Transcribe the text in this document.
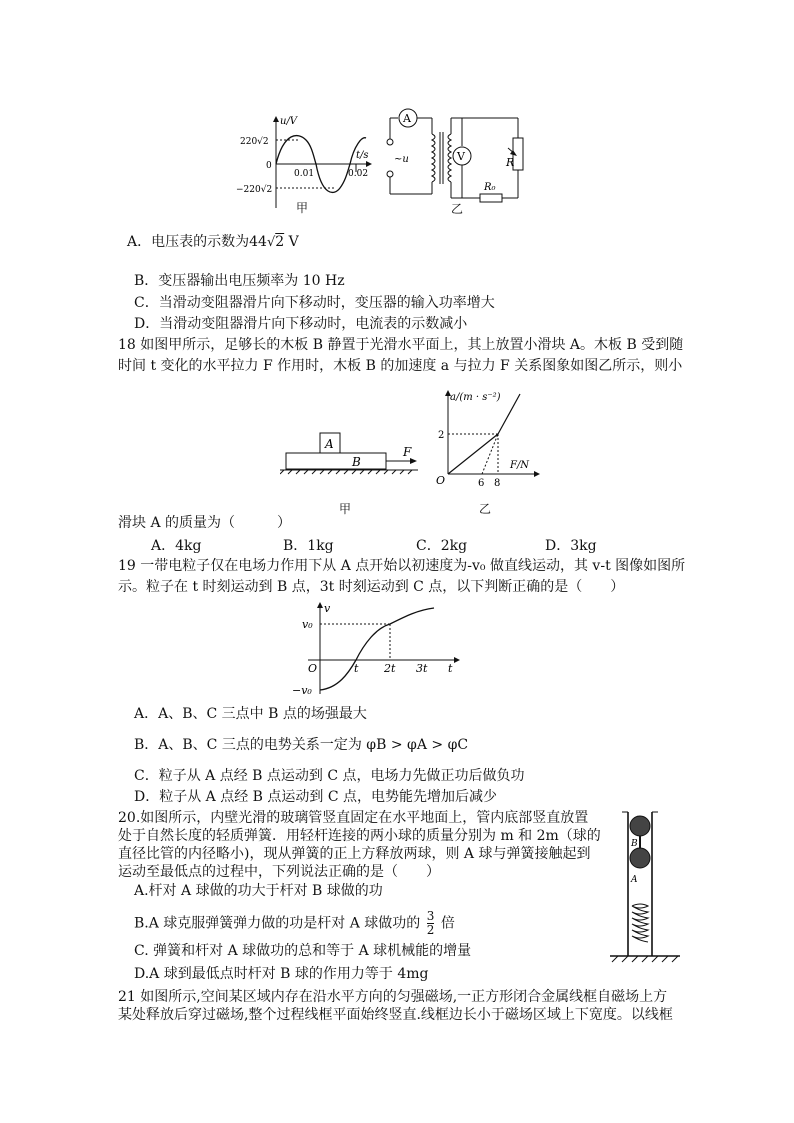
u/V
t/s
220√2
0
−220√2
0.01	0.02
甲
A
V
~u	R
R₀
乙
A．电压表的示数为44√2 V
B．变压器输出电压频率为 10 Hz
C．当滑动变阻器滑片向下移动时，变压器的输入功率增大
D．当滑动变阻器滑片向下移动时，电流表的示数减小
18 如图甲所示，足够长的木板 B 静置于光滑水平面上，其上放置小滑块 A。木板 B 受到随
时间 t 变化的水平拉力 F 作用时，木板 B 的加速度 a 与拉力 F 关系图象如图乙所示，则小
A
B
F
甲
a/(m · s⁻²)
F/N
O
2
6 8
乙
滑块 A 的质量为（　　　）
A．4kg	B．1kg	C．2kg	D．3kg
19 一带电粒子仅在电场力作用下从 A 点开始以初速度为-v₀ 做直线运动，其 v-t 图像如图所
示。粒子在 t 时刻运动到 B 点，3t 时刻运动到 C 点，以下判断正确的是（　　）
v
v₀
−v₀
O	t 2t 3t t
A．A、B、C 三点中 B 点的场强最大
B．A、B、C 三点的电势关系一定为 φB > φA > φC
C．粒子从 A 点经 B 点运动到 C 点，电场力先做正功后做负功
D．粒子从 A 点经 B 点运动到 C 点，电势能先增加后减少
20.如图所示，内壁光滑的玻璃管竖直固定在水平地面上，管内底部竖直放置
处于自然长度的轻质弹簧．用轻杆连接的两小球的质量分别为 m 和 2m（球的
直径比管的内径略小)，现从弹簧的正上方释放两球，则 A 球与弹簧接触起到
运动至最低点的过程中，下列说法正确的是（　　）
A.杆对 A 球做的功大于杆对 B 球做的功
B.A 球克服弹簧弹力做的功是杆对 A 球做功的 $\frac{3}{2}$ 倍
C. 弹簧和杆对 A 球做功的总和等于 A 球机械能的增量
D.A 球到最低点时杆对 B 球的作用力等于 4mg
B
A
21 如图所示,空间某区域内存在沿水平方向的匀强磁场,一正方形闭合金属线框自磁场上方
某处释放后穿过磁场,整个过程线框平面始终竖直.线框边长小于磁场区域上下宽度。以线框
